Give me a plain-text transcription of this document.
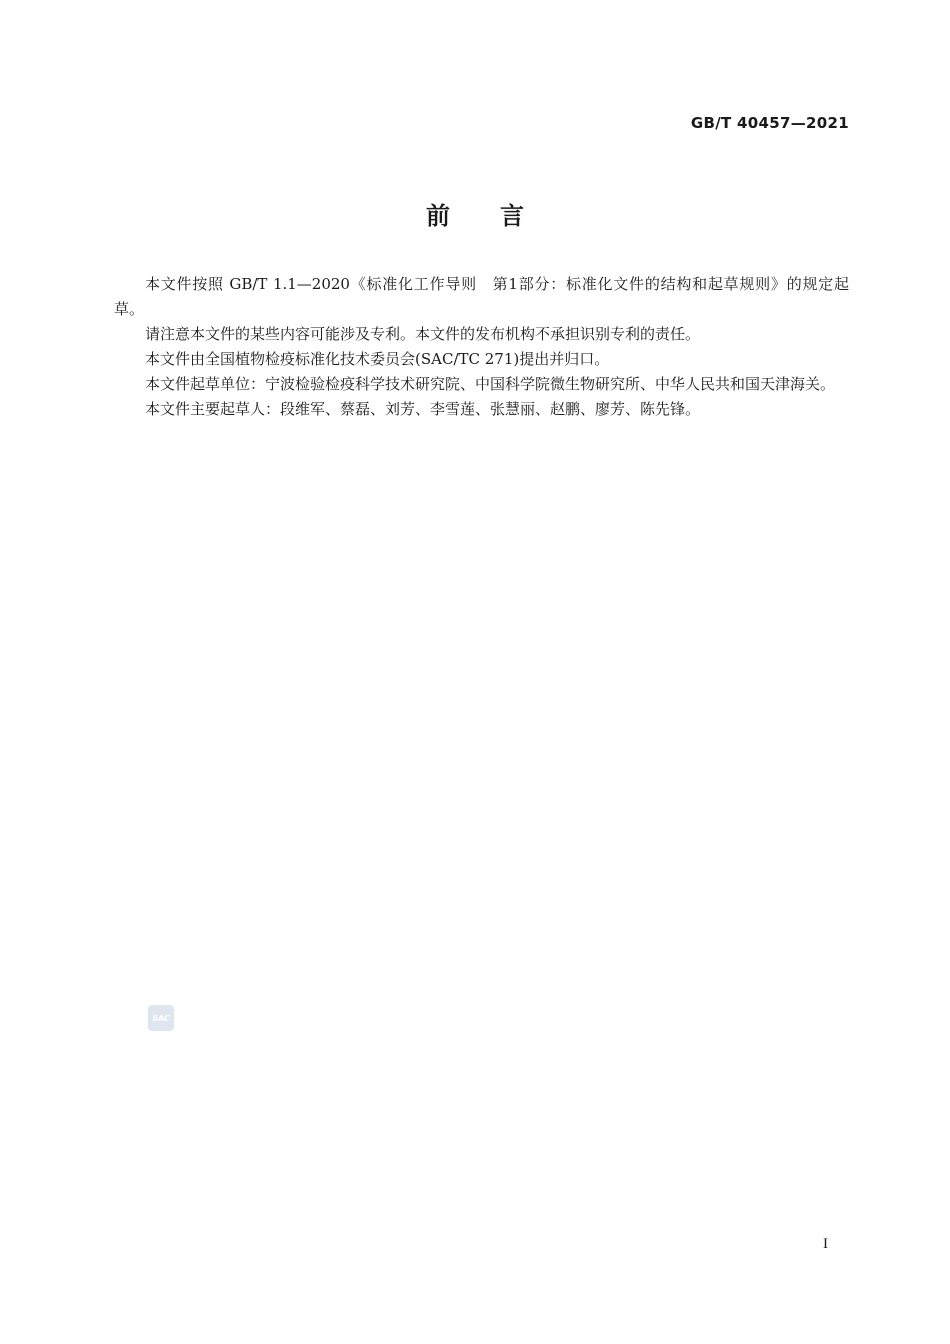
GB/T 40457—2021
前言

本文件按照 GB/T 1.1—2020《标准化工作导则　第1部分：标准化文件的结构和起草规则》的规定起草。

请注意本文件的某些内容可能涉及专利。本文件的发布机构不承担识别专利的责任。

本文件由全国植物检疫标准化技术委员会(SAC/TC 271)提出并归口。

本文件起草单位：宁波检验检疫科学技术研究院、中国科学院微生物研究所、中华人民共和国天津海关。

本文件主要起草人：段维军、蔡磊、刘芳、李雪莲、张慧丽、赵鹏、廖芳、陈先锋。

SAC
I
